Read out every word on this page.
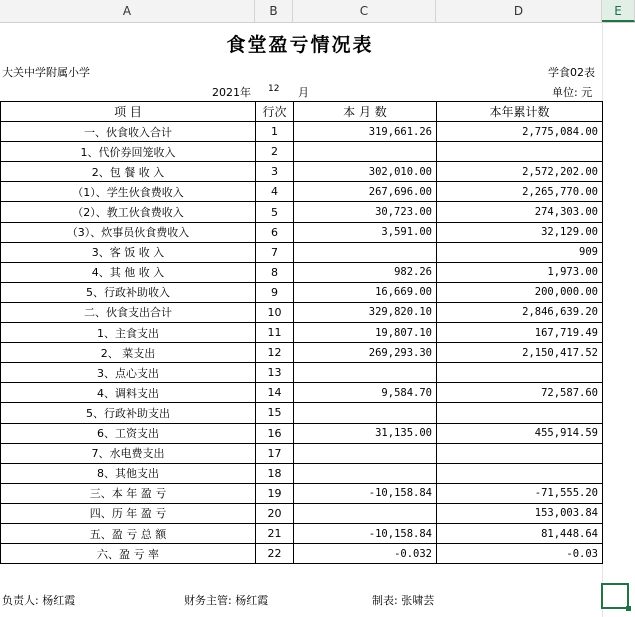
A	B	C	D	E
食堂盈亏情况表
大关中学附属小学	学食02表
2021年 12 月	单位: 元
项 目	行次	本 月 数	本年累计数
一、伙食收入合计	1	319,661.26	2,775,084.00
1、代价券回笼收入	2		
2、包 餐 收 入	3	302,010.00	2,572,202.00
（1）、学生伙食费收入	4	267,696.00	2,265,770.00
（2）、教工伙食费收入	5	30,723.00	274,303.00
（3）、炊事员伙食费收入	6	3,591.00	32,129.00
3、客 饭 收 入	7		909
4、其 他 收 入	8	982.26	1,973.00
5、行政补助收入	9	16,669.00	200,000.00
二、伙食支出合计	10	329,820.10	2,846,639.20
1、主食支出	11	19,807.10	167,719.49
2、 菜支出	12	269,293.30	2,150,417.52
3、点心支出	13		
4、调料支出	14	9,584.70	72,587.60
5、行政补助支出	15		
6、工资支出	16	31,135.00	455,914.59
7、水电费支出	17		
8、其他支出	18		
三、本 年 盈 亏	19	-10,158.84	-71,555.20
四、历 年 盈 亏	20		153,003.84
五、盈 亏 总 额	21	-10,158.84	81,448.64
六、盈 亏 率	22	-0.032	-0.03
负责人: 杨红霞	财务主管: 杨红霞	制表: 张啸芸
